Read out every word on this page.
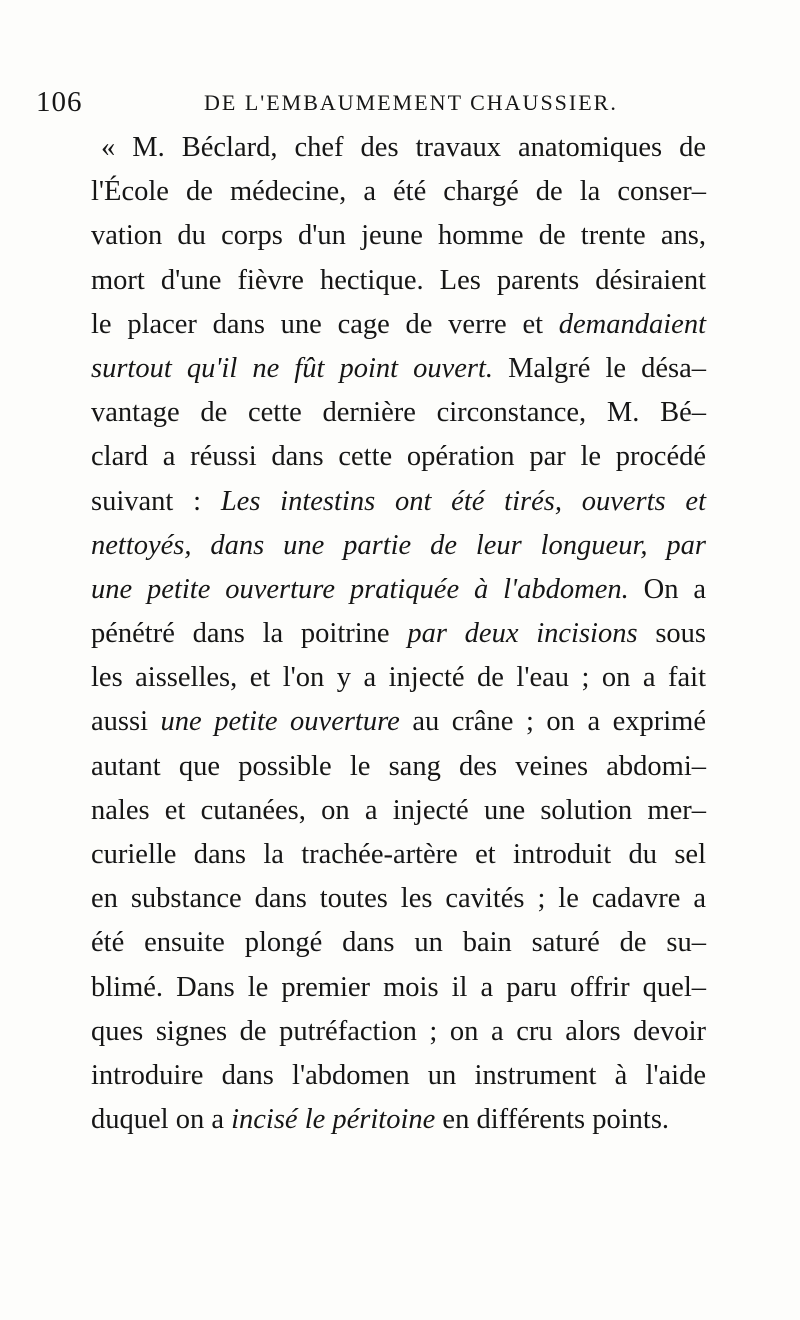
106	DE L'EMBAUMEMENT CHAUSSIER.
« M. Béclard, chef des travaux anatomiques de
l'École de médecine, a été chargé de la conser–
vation du corps d'un jeune homme de trente ans,
mort d'une fièvre hectique. Les parents désiraient
le placer dans une cage de verre et demandaient
surtout qu'il ne fût point ouvert. Malgré le désa–
vantage de cette dernière circonstance, M. Bé–
clard a réussi dans cette opération par le procédé
suivant : Les intestins ont été tirés, ouverts et
nettoyés, dans une partie de leur longueur, par
une petite ouverture pratiquée à l'abdomen. On a
pénétré dans la poitrine par deux incisions sous
les aisselles, et l'on y a injecté de l'eau ; on a fait
aussi une petite ouverture au crâne ; on a exprimé
autant que possible le sang des veines abdomi–
nales et cutanées, on a injecté une solution mer–
curielle dans la trachée-artère et introduit du sel
en substance dans toutes les cavités ; le cadavre a
été ensuite plongé dans un bain saturé de su–
blimé. Dans le premier mois il a paru offrir quel–
ques signes de putréfaction ; on a cru alors devoir
introduire dans l'abdomen un instrument à l'aide
duquel on a incisé le péritoine en différents points.
